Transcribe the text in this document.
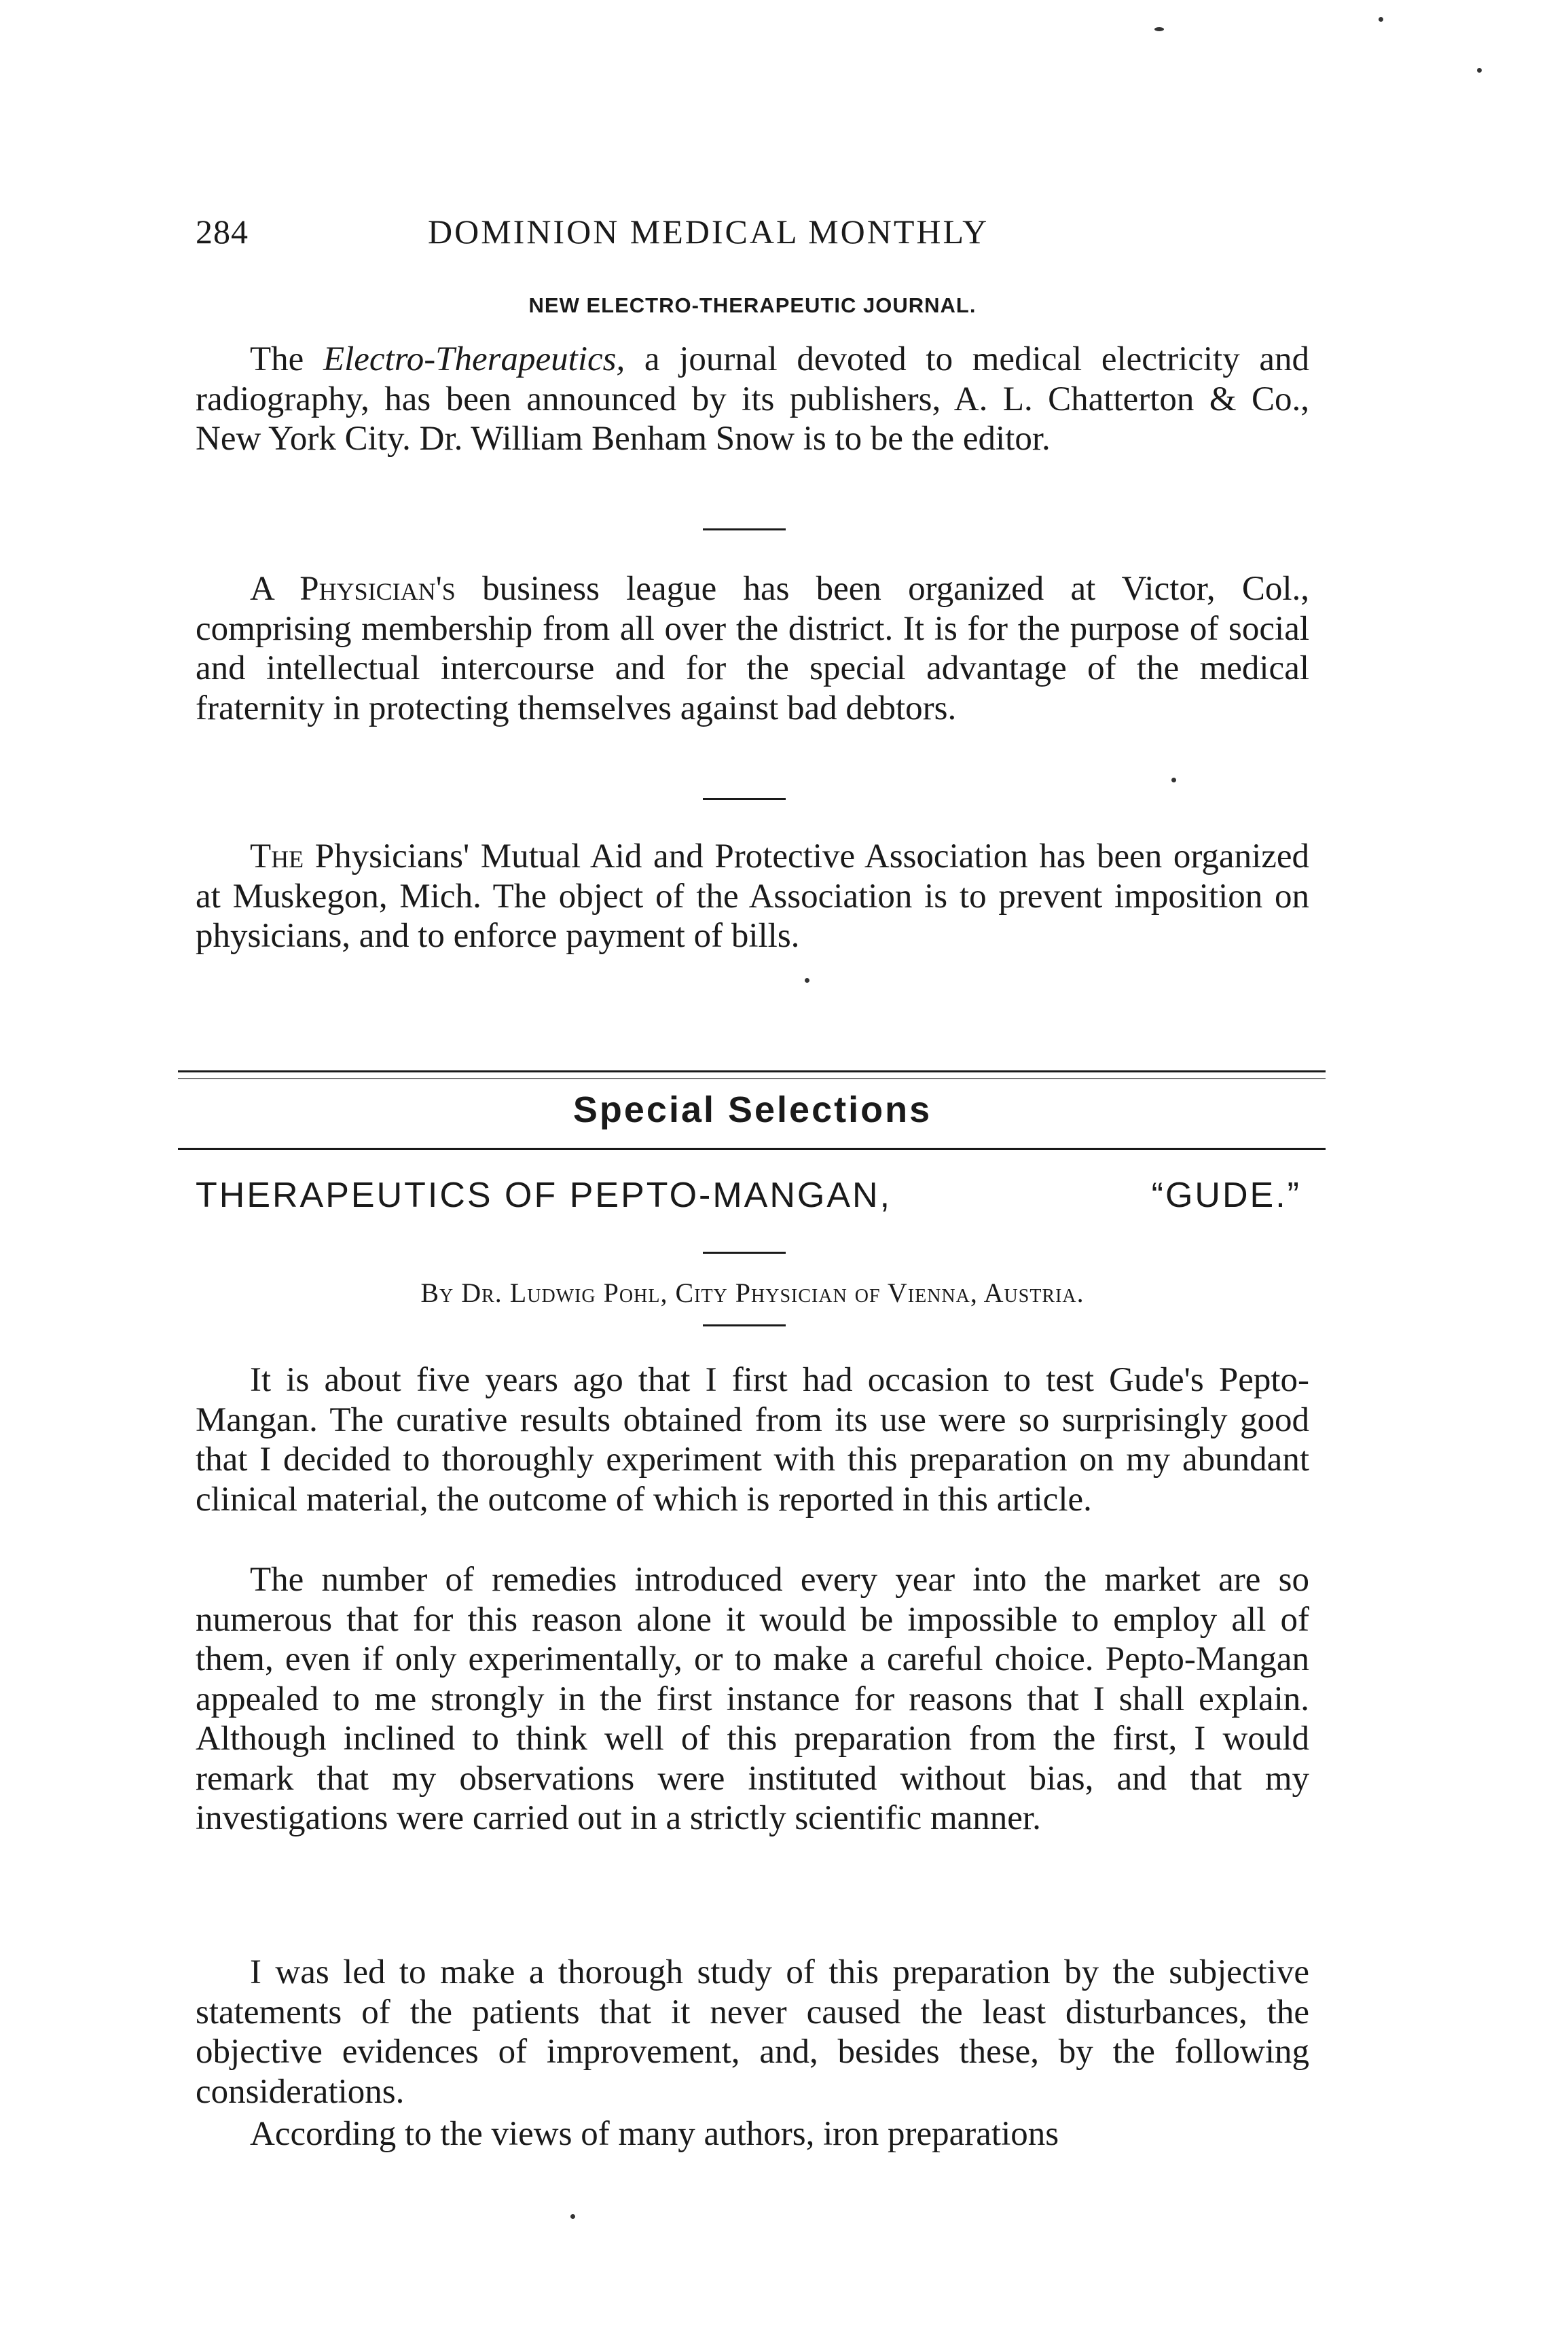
284	DOMINION MEDICAL MONTHLY
NEW ELECTRO-THERAPEUTIC JOURNAL.

The Electro-Therapeutics, a journal devoted to medical electricity and radiography, has been announced by its publishers, A. L. Chatterton & Co., New York City. Dr. William Benham Snow is to be the editor.

A Physician's business league has been organized at Victor, Col., comprising membership from all over the district. It is for the purpose of social and intellectual intercourse and for the special advantage of the medical fraternity in protecting themselves against bad debtors.

The Physicians' Mutual Aid and Protective Association has been organized at Muskegon, Mich. The object of the Association is to prevent imposition on physicians, and to enforce payment of bills.

Special Selections
THERAPEUTICS OF PEPTO-MANGAN,	“GUDE.”
By Dr. Ludwig Pohl, City Physician of Vienna, Austria.

It is about five years ago that I first had occasion to test Gude's Pepto-Mangan. The curative results obtained from its use were so surprisingly good that I decided to thoroughly experiment with this preparation on my abundant clinical material, the outcome of which is reported in this article.

The number of remedies introduced every year into the market are so numerous that for this reason alone it would be impossible to employ all of them, even if only experimentally, or to make a careful choice. Pepto-Mangan appealed to me strongly in the first instance for reasons that I shall explain. Although inclined to think well of this preparation from the first, I would remark that my observations were instituted without bias, and that my investigations were carried out in a strictly scientific manner.

I was led to make a thorough study of this preparation by the subjective statements of the patients that it never caused the least disturbances, the objective evidences of improvement, and, besides these, by the following considerations.

According to the views of many authors, iron preparations
